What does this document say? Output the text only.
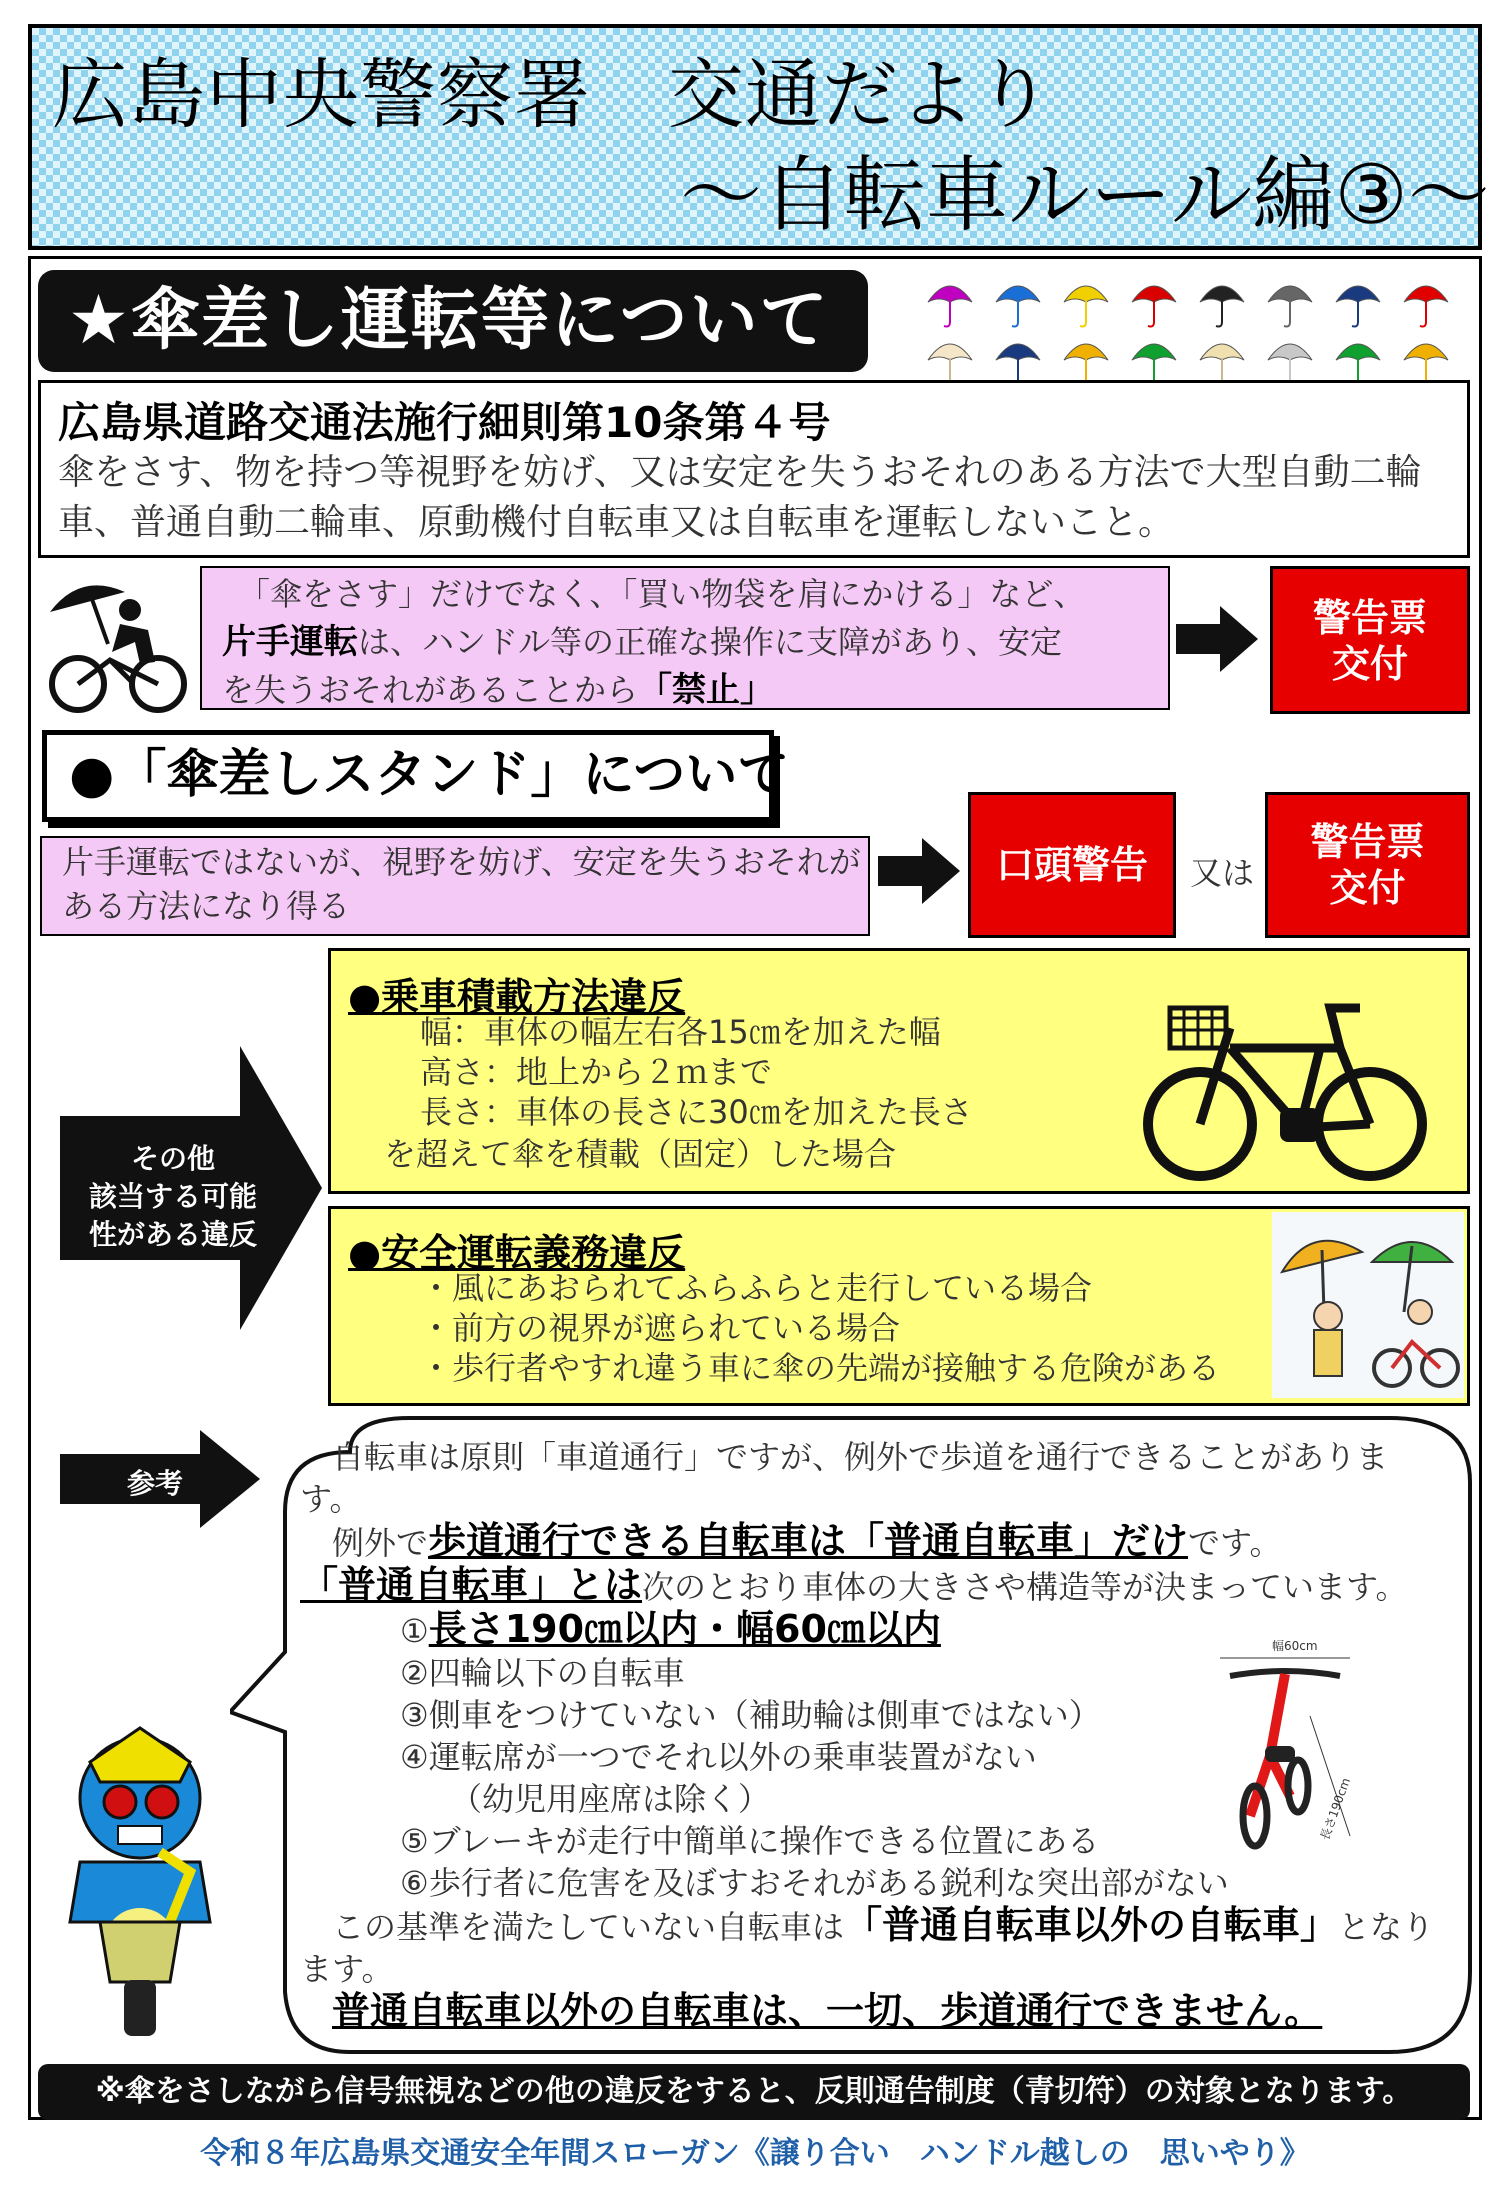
広島中央警察署　交通だより
～自転車ルール編③～
★傘差し運転等について
広島県道路交通法施行細則第10条第４号
傘をさす、物を持つ等視野を妨げ、又は安定を失うおそれのある方法で大型自動二輪車、普通自動二輪車、原動機付自転車又は自転車を運転しないこと。
「傘をさす」だけでなく、「買い物袋を肩にかける」など、
片手運転は、ハンドル等の正確な操作に支障があり、安定
を失うおそれがあることから「禁止」
警告票
交付
●「傘差しスタンド」について
片手運転ではないが、視野を妨げ、安定を失うおそれがある方法になり得る
口頭警告	又は
警告票
交付
その他
該当する可能
性がある違反
●乗車積載方法違反
幅：車体の幅左右各15㎝を加えた幅
高さ：地上から２ｍまで
長さ：車体の長さに30㎝を加えた長さ
を超えて傘を積載（固定）した場合
●安全運転義務違反
・風にあおられてふらふらと走行している場合
・前方の視界が遮られている場合
・歩行者やすれ違う車に傘の先端が接触する危険がある
参考
自転車は原則「車道通行」ですが、例外で歩道を通行できることがあります。
例外で歩道通行できる自転車は「普通自転車」だけです。
「普通自転車」とは次のとおり車体の大きさや構造等が決まっています。
①長さ190㎝以内・幅60㎝以内
②四輪以下の自転車
③側車をつけていない（補助輪は側車ではない）
④運転席が一つでそれ以外の乗車装置がない
（幼児用座席は除く）
⑤ブレーキが走行中簡単に操作できる位置にある
⑥歩行者に危害を及ぼすおそれがある鋭利な突出部がない
この基準を満たしていない自転車は「普通自転車以外の自転車」となります。
普通自転車以外の自転車は、一切、歩道通行できません。
幅60cm
長さ190cm
※傘をさしながら信号無視などの他の違反をすると、反則通告制度（青切符）の対象となります。
令和８年広島県交通安全年間スローガン《譲り合い　ハンドル越しの　思いやり》
